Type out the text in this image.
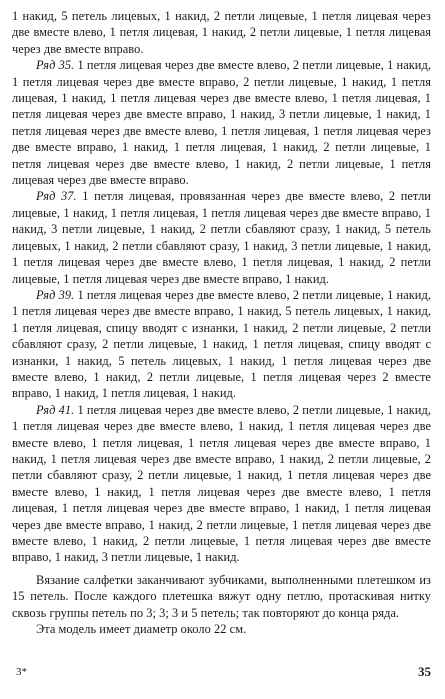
1 накид, 5 петель лицевых, 1 накид, 2 петли лицевые, 1 петля лицевая через две вместе влево, 1 петля лицевая, 1 накид, 2 петли лицевые, 1 петля лицевая через две вместе вправо.

Ряд 35. 1 петля лицевая через две вместе влево, 2 петли лицевые, 1 накид, 1 петля лицевая через две вместе вправо, 2 петли лицевые, 1 накид, 1 петля лицевая, 1 накид, 1 петля лицевая через две вместе влево, 1 петля лицевая, 1 петля лицевая через две вместе вправо, 1 накид, 3 петли лицевые, 1 накид, 1 петля лицевая через две вместе влево, 1 петля лицевая, 1 петля лицевая через две вместе вправо, 1 накид, 1 петля лицевая, 1 накид, 2 петли лицевые, 1 петля лицевая через две вместе влево, 1 накид, 2 петли лицевые, 1 петля лицевая через две вместе вправо.

Ряд 37. 1 петля лицевая, провязанная через две вместе влево, 2 петли лицевые, 1 накид, 1 петля лицевая, 1 петля лицевая через две вместе вправо, 1 накид, 3 петли лицевые, 1 накид, 2 петли сбавляют сразу, 1 накид, 5 петель лицевых, 1 накид, 2 петли сбавляют сразу, 1 накид, 3 петли лицевые, 1 накид, 1 петля лицевая через две вместе влево, 1 петля лицевая, 1 накид, 2 петли лицевые, 1 петля лицевая через две вместе вправо, 1 накид.

Ряд 39. 1 петля лицевая через две вместе влево, 2 петли лицевые, 1 накид, 1 петля лицевая через две вместе вправо, 1 накид, 5 петель лицевых, 1 накид, 1 петля лицевая, спицу вводят с изнанки, 1 накид, 2 петли лицевые, 2 петли сбавляют сразу, 2 петли лицевые, 1 накид, 1 петля лицевая, спицу вводят с изнанки, 1 накид, 5 петель лицевых, 1 накид, 1 петля лицевая через две вместе влево, 1 накид, 2 петли лицевые, 1 петля лицевая через 2 вместе вправо, 1 накид, 1 петля лицевая, 1 накид.

Ряд 41. 1 петля лицевая через две вместе влево, 2 петли лицевые, 1 накид, 1 петля лицевая через две вместе влево, 1 накид, 1 петля лицевая через две вместе влево, 1 петля лицевая, 1 петля лицевая через две вместе вправо, 1 накид, 1 петля лицевая через две вместе вправо, 1 накид, 2 петли лицевые, 2 петли сбавляют сразу, 2 петли лицевые, 1 накид, 1 петля лицевая через две вместе влево, 1 накид, 1 петля лицевая через две вместе влево, 1 петля лицевая, 1 петля лицевая через две вместе вправо, 1 накид, 1 петля лицевая через две вместе вправо, 1 накид, 2 петли лицевые, 1 петля лицевая через две вместе влево, 1 накид, 2 петли лицевые, 1 петля лицевая через две вместе вправо, 1 накид, 3 петли лицевые, 1 накид.

Вязание салфетки заканчивают зубчиками, выполненными плетешком из 15 петель. После каждого плетешка вяжут одну петлю, протаскивая нитку сквозь группы петель по 3; 3; 3 и 5 петель; так повторяют до конца ряда.

Эта модель имеет диаметр около 22 см.

3*	35
